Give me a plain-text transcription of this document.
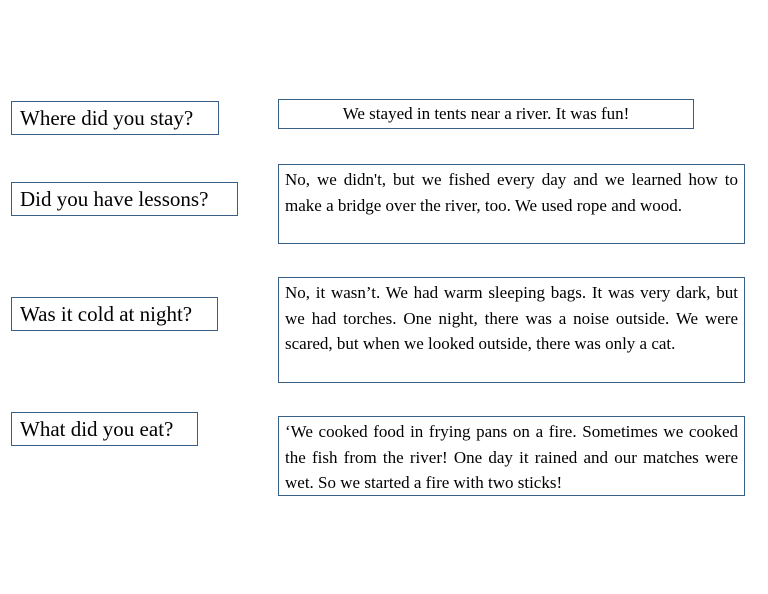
Where did you stay?
Did you have lessons?
Was it cold at night?
What did you eat?
We stayed in tents near a river. It was fun!
No, we didn't, but we fished every day and we learned how to make a bridge over the river, too. We used rope and wood.
No, it wasn’t. We had warm sleeping bags. It was very dark, but we had torches. One night, there was a noise outside. We were scared, but when we looked outside, there was only a cat.
‘We cooked food in frying pans on a fire. Sometimes we cooked the fish from the river! One day it rained and our matches were wet. So we started a fire with two sticks!
